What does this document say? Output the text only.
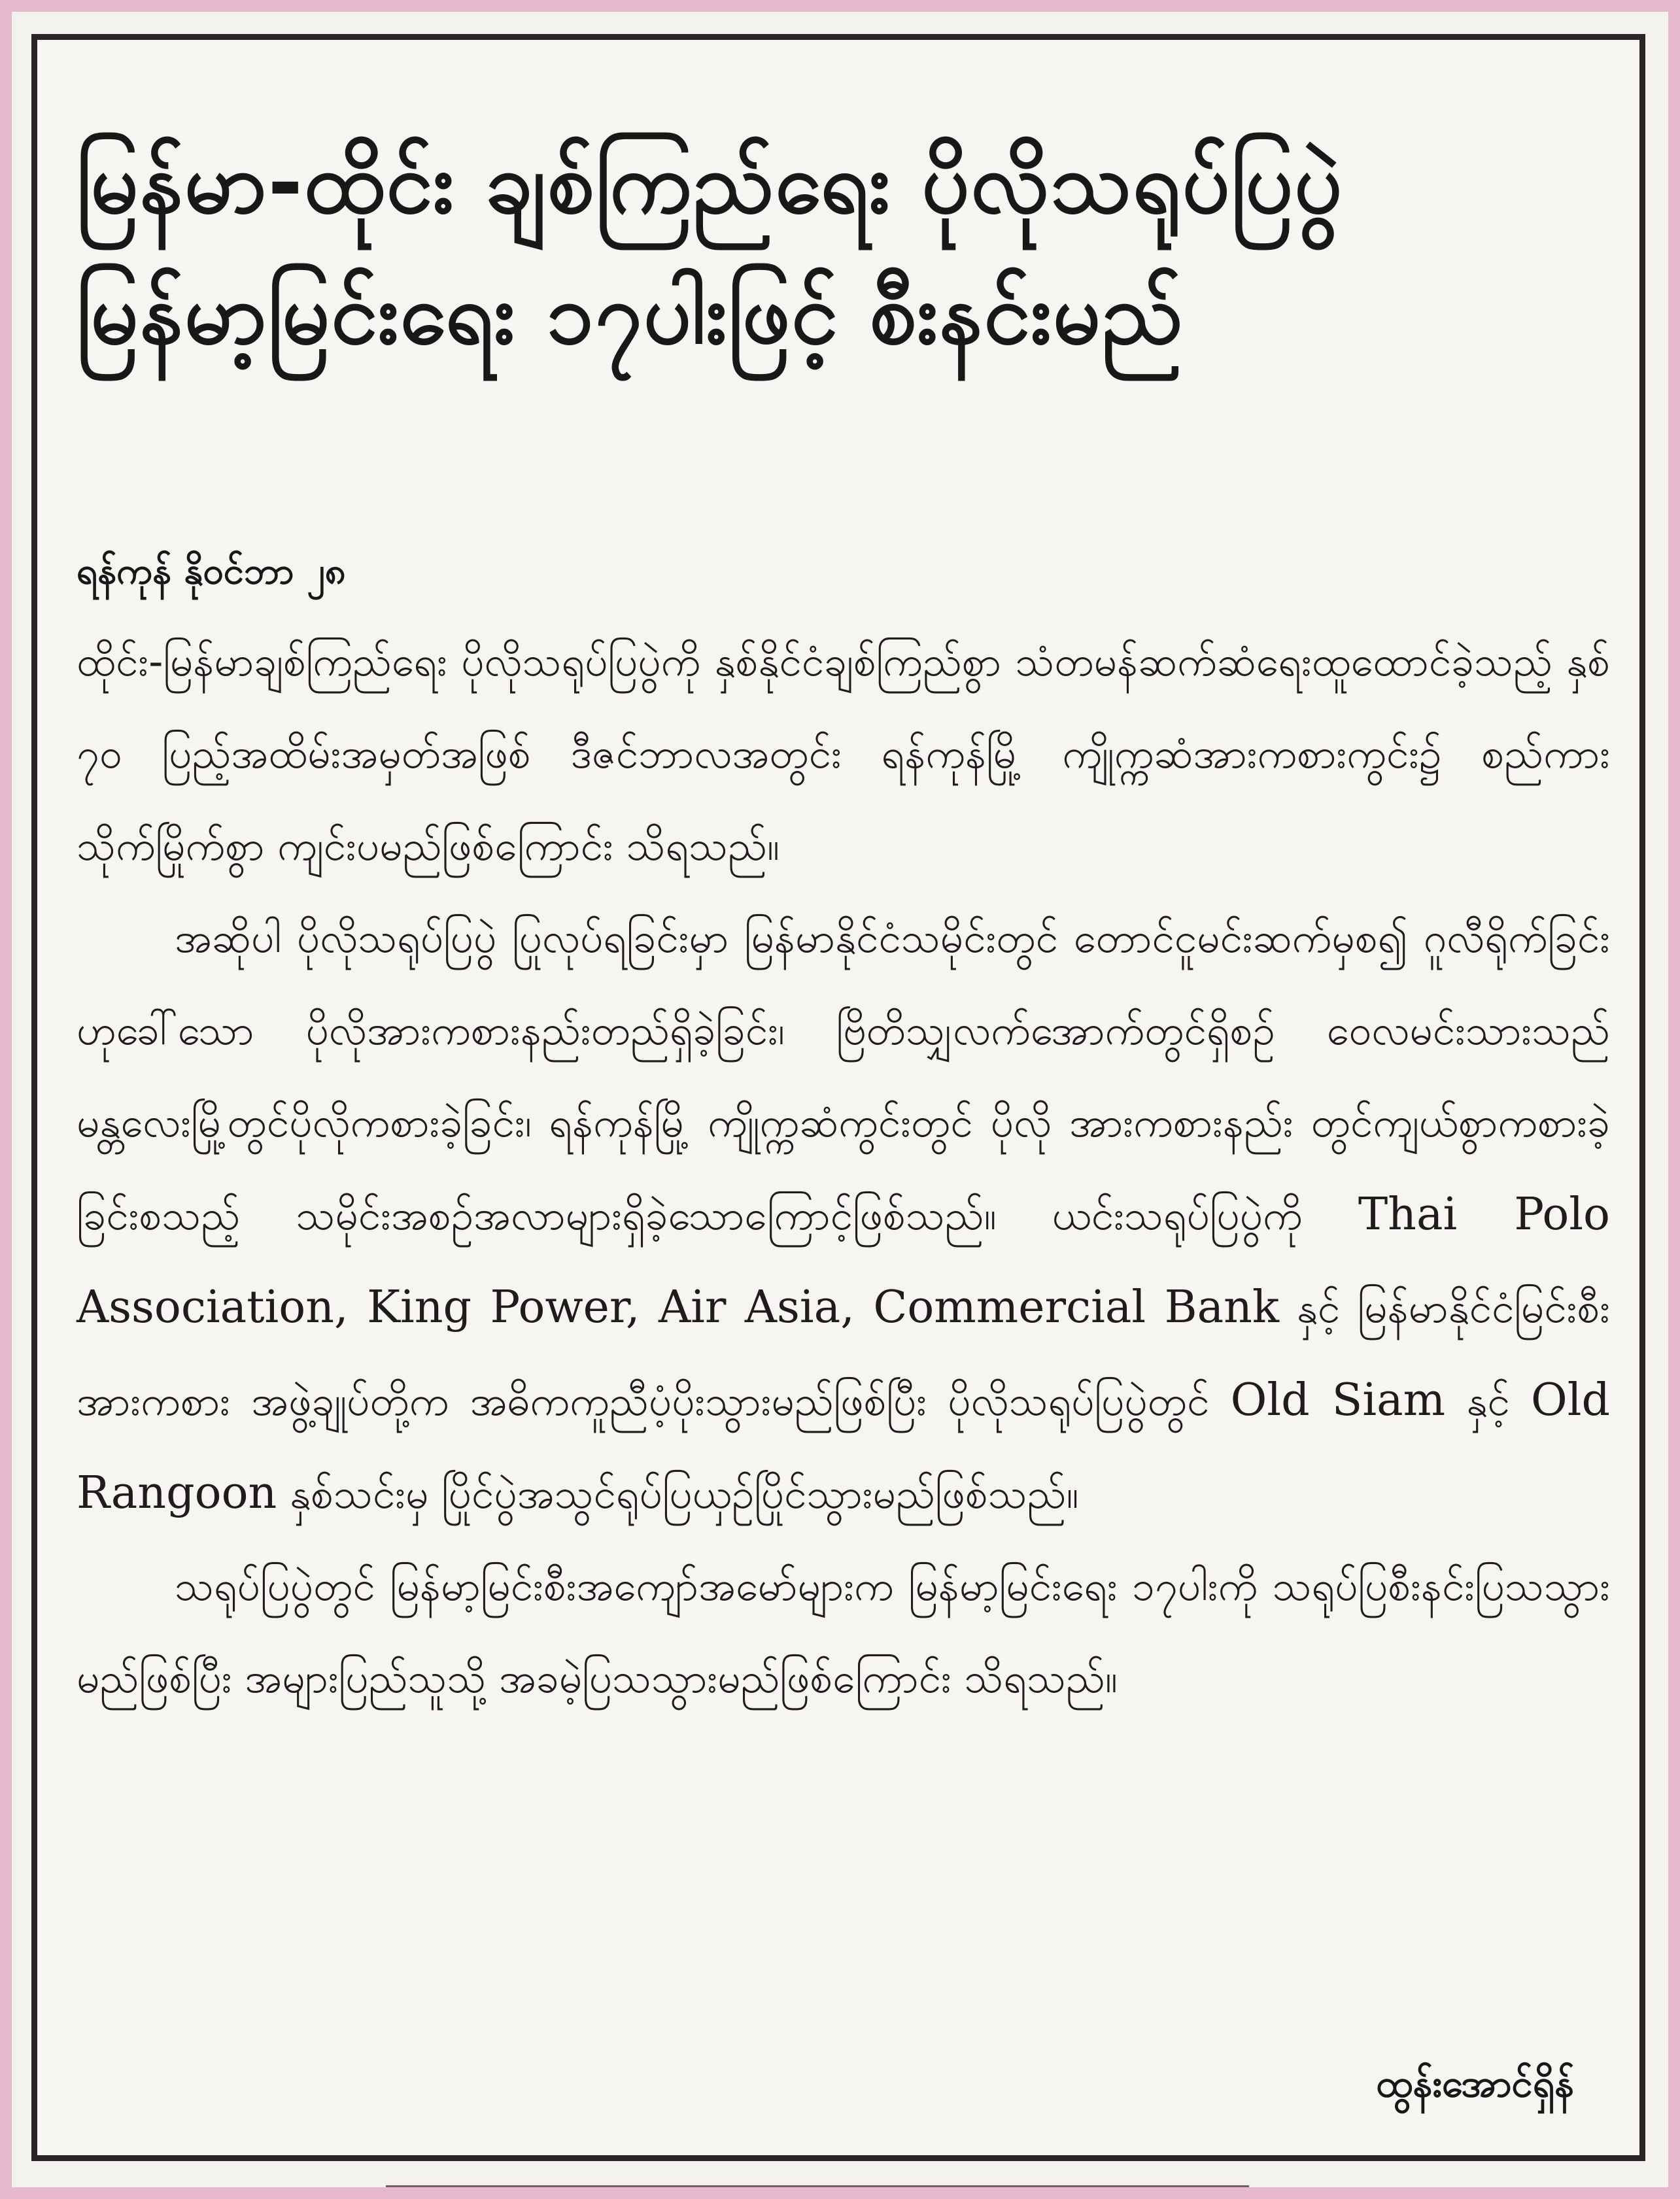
မြန်မာ-ထိုင်း ချစ်ကြည်ရေး ပိုလိုသရုပ်ပြပွဲ
မြန်မာ့မြင်းရေး ၁၇ပါးဖြင့် စီးနင်းမည်

ရန်ကုန် နိုဝင်ဘာ ၂၈

ထိုင်း-မြန်မာချစ်ကြည်ရေး ပိုလိုသရုပ်ပြပွဲကို နှစ်နိုင်ငံချစ်ကြည်စွာ သံတမန်ဆက်ဆံရေးထူထောင်ခဲ့သည့် နှစ် ၇၀ ပြည့်အထိမ်းအမှတ်အဖြစ် ဒီဇင်ဘာလအတွင်း ရန်ကုန်မြို့ ကျိုက္ကဆံအားကစားကွင်း၌ စည်ကားသိုက်မြိုက်စွာ ကျင်းပမည်ဖြစ်ကြောင်း သိရသည်။

အဆိုပါ ပိုလိုသရုပ်ပြပွဲ ပြုလုပ်ရခြင်းမှာ မြန်မာနိုင်ငံသမိုင်းတွင် တောင်ငူမင်းဆက်မှစ၍ ဂူလီရိုက်ခြင်းဟုခေါ်သော ပိုလိုအားကစားနည်းတည်ရှိခဲ့ခြင်း၊ ဗြိတိသျှလက်အောက်တွင်ရှိစဉ် ဝေလမင်းသားသည် မန္တလေးမြို့တွင်ပိုလိုကစားခဲ့ခြင်း၊ ရန်ကုန်မြို့ ကျိုက္ကဆံကွင်းတွင် ပိုလို အားကစားနည်း တွင်ကျယ်စွာကစားခဲ့ခြင်းစသည့် သမိုင်းအစဉ်အလာများရှိခဲ့သောကြောင့်ဖြစ်သည်။ ယင်းသရုပ်ပြပွဲကို Thai Polo Association, King Power, Air Asia, Commercial Bank နှင့် မြန်မာနိုင်ငံမြင်းစီးအားကစား အဖွဲ့ချုပ်တို့က အဓိကကူညီပံ့ပိုးသွားမည်ဖြစ်ပြီး ပိုလိုသရုပ်ပြပွဲတွင် Old Siam နှင့် Old Rangoon နှစ်သင်းမှ ပြိုင်ပွဲအသွင်ရုပ်ပြယှဉ်ပြိုင်သွားမည်ဖြစ်သည်။

သရုပ်ပြပွဲတွင် မြန်မာ့မြင်းစီးအကျော်အမော်များက မြန်မာ့မြင်းရေး ၁၇ပါးကို သရုပ်ပြစီးနင်းပြသသွားမည်ဖြစ်ပြီး အများပြည်သူသို့ အခမဲ့ပြသသွားမည်ဖြစ်ကြောင်း သိရသည်။

ထွန်းအောင်ရှိန်
